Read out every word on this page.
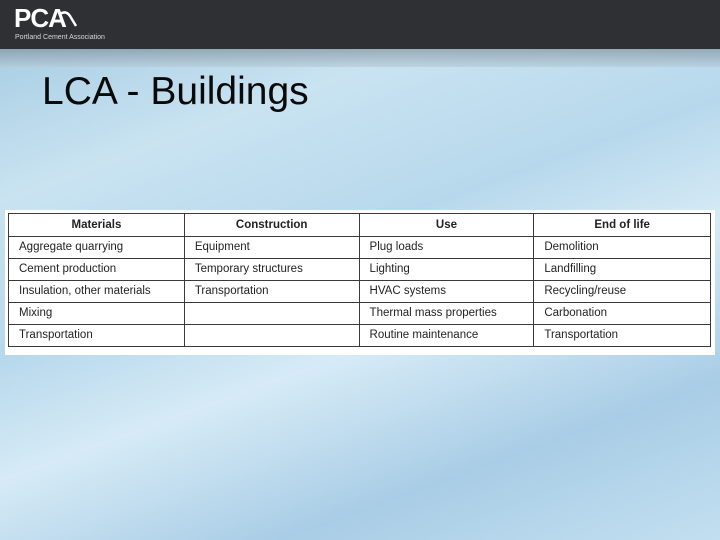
PCA
Portland Cement Association
LCA - Buildings
Materials	Construction	Use	End of life
Aggregate quarrying	Equipment	Plug loads	Demolition
Cement production	Temporary structures	Lighting	Landfilling
Insulation, other materials	Transportation	HVAC systems	Recycling/reuse
Mixing		Thermal mass properties	Carbonation
Transportation		Routine maintenance	Transportation
